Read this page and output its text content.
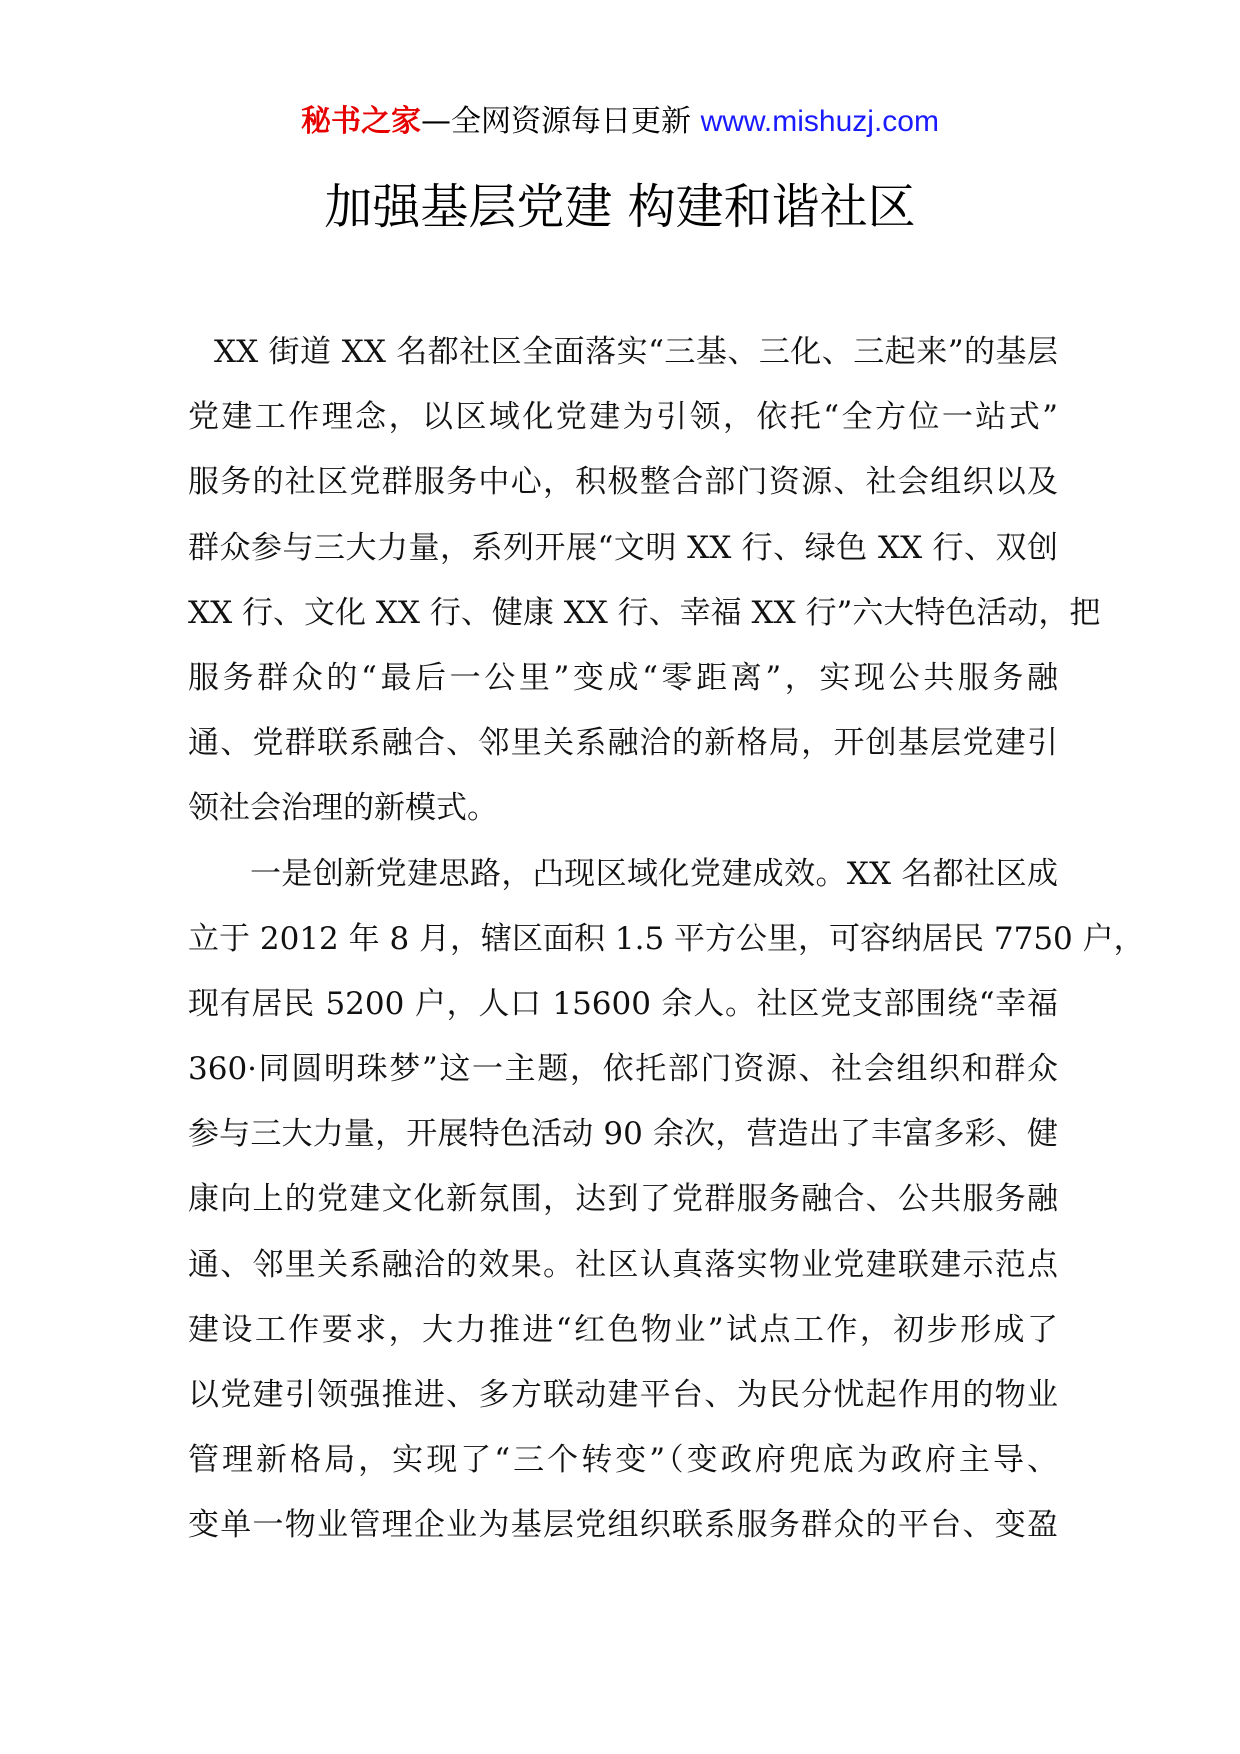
秘书之家—全网资源每日更新 www.mishuzj.com
加强基层党建 构建和谐社区
XX 街道 XX 名都社区全面落实“三基、三化、三起来”的基层
党建工作理念，以区域化党建为引领，依托“全方位一站式”
服务的社区党群服务中心，积极整合部门资源、社会组织以及
群众参与三大力量，系列开展“文明 XX 行、绿色 XX 行、双创
XX 行、文化 XX 行、健康 XX 行、幸福 XX 行”六大特色活动，把
服务群众的“最后一公里”变成“零距离”，实现公共服务融
通、党群联系融合、邻里关系融洽的新格局，开创基层党建引
领社会治理的新模式。
一是创新党建思路，凸现区域化党建成效。XX 名都社区成
立于 2012 年 8 月，辖区面积 1.5 平方公里，可容纳居民 7750 户，
现有居民 5200 户，人口 15600 余人。社区党支部围绕“幸福
360·同圆明珠梦”这一主题，依托部门资源、社会组织和群众
参与三大力量，开展特色活动 90 余次，营造出了丰富多彩、健
康向上的党建文化新氛围，达到了党群服务融合、公共服务融
通、邻里关系融洽的效果。社区认真落实物业党建联建示范点
建设工作要求，大力推进“红色物业”试点工作，初步形成了
以党建引领强推进、多方联动建平台、为民分忧起作用的物业
管理新格局，实现了“三个转变”（变政府兜底为政府主导、
变单一物业管理企业为基层党组织联系服务群众的平台、变盈
